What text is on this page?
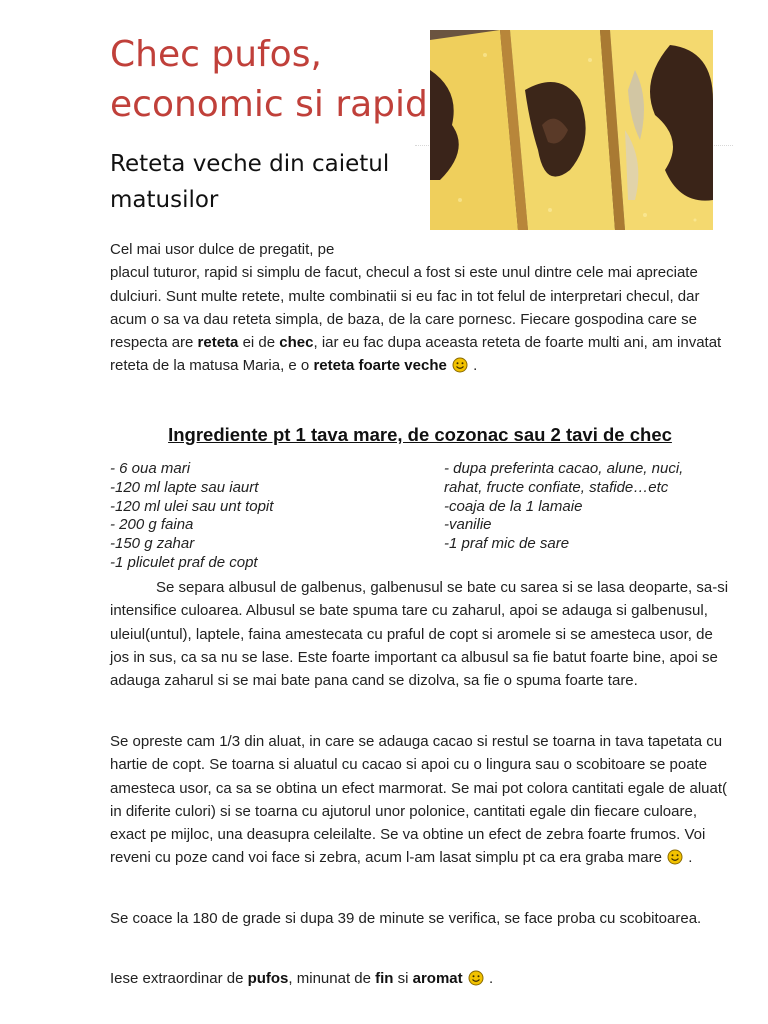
Chec pufos,
economic si rapid
Reteta veche din caietul
matusilor

Cel mai usor dulce de pregatit, pe
placul tuturor, rapid si simplu de facut, checul a fost si este unul dintre cele mai apreciate dulciuri. Sunt multe retete, multe combinatii si eu fac in tot felul de interpretari checul, dar acum o sa va dau reteta simpla, de baza, de la care pornesc. Fiecare gospodina care se respecta are reteta ei de chec, iar eu fac dupa aceasta reteta de foarte multi ani, am invatat reteta de la matusa Maria, e o reteta foarte veche  .

Ingrediente pt 1 tava mare, de cozonac sau 2 tavi de chec
- 6 oua mari
-120 ml lapte sau iaurt
-120 ml ulei sau unt topit
- 200 g faina
-150 g zahar
-1 pliculet praf de copt
- dupa preferinta cacao, alune, nuci,
rahat, fructe confiate, stafide…etc
-coaja de la 1 lamaie
-vanilie
-1 praf mic de sare

Se separa albusul de galbenus, galbenusul se bate cu sarea si se lasa deoparte, sa-si intensifice culoarea. Albusul se bate spuma tare cu zaharul, apoi se adauga si galbenusul, uleiul(untul), laptele, faina amestecata cu praful de copt si aromele si se amesteca usor, de jos in sus, ca sa nu se lase. Este foarte important ca albusul sa fie batut foarte bine, apoi se adauga zaharul si se mai bate pana cand se dizolva, sa fie o spuma foarte tare.

Se opreste cam 1/3 din aluat, in care se adauga cacao si restul se toarna in tava tapetata cu hartie de copt. Se toarna si aluatul cu cacao si apoi cu o lingura sau o scobitoare se poate amesteca usor, ca sa se obtina un efect marmorat. Se mai pot colora cantitati egale de aluat( in diferite culori) si se toarna cu ajutorul unor polonice, cantitati egale din fiecare culoare, exact pe mijloc, una deasupra celeilalte. Se va obtine un efect de zebra foarte frumos. Voi reveni cu poze cand voi face si zebra, acum l-am lasat simplu pt ca era graba mare  .

Se coace la 180 de grade si dupa 39 de minute se verifica, se face proba cu scobitoarea.

Iese extraordinar de pufos, minunat de fin si aromat  .
